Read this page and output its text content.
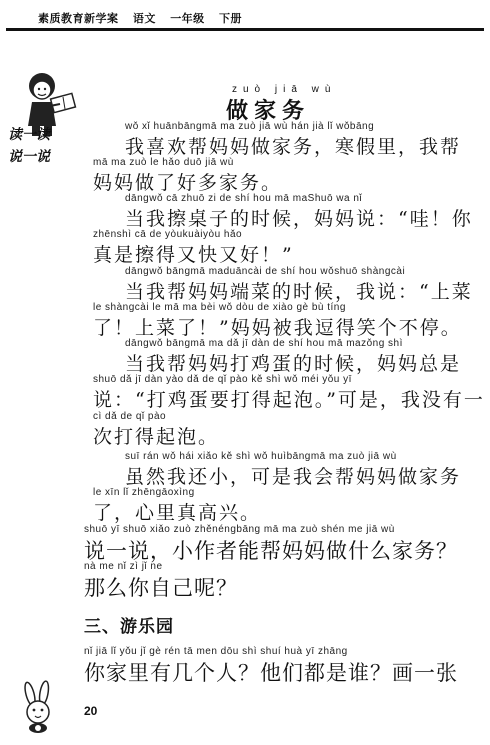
素质教育新学案 语文 一年级 下册
读一读
说一说
zuò jiā wù
做家务
wǒ xǐ huānbāngmā ma zuò jiā wù hán jià lǐ wǒbāng
我喜欢帮妈妈做家务，寒假里，我帮
mā ma zuò le hǎo duō jiā wù
妈妈做了好多家务。
dāngwǒ cā zhuō zi de shí hou mā maShuō wa nǐ
当我擦桌子的时候，妈妈说：“哇！你
zhēnshì cā de yòukuàiyòu hǎo
真是擦得又快又好！”
dāngwǒ bāngmā maduāncài de shí hou wǒshuō shàngcài
当我帮妈妈端菜的时候，我说：“上菜
le shàngcài le mā ma bèi wǒ dòu de xiào gè bù tíng
了！上菜了！”妈妈被我逗得笑个不停。
dāngwǒ bāngmā ma dǎ jī dàn de shí hou mā mazǒng shì
当我帮妈妈打鸡蛋的时候，妈妈总是
shuō dǎ jī dàn yào dǎ de qǐ pào kě shì wǒ méi yǒu yī
说：“打鸡蛋要打得起泡。”可是，我没有一
cì dǎ de qǐ pào
次打得起泡。
suī rán wǒ hái xiǎo kě shì wǒ huìbāngmā ma zuò jiā wù
虽然我还小，可是我会帮妈妈做家务
le xīn lǐ zhēngāoxìng
了，心里真高兴。
shuō yī shuō xiǎo zuò zhěnéngbāng mā ma zuò shén me jiā wù
说一说，小作者能帮妈妈做什么家务？
nà me nǐ zì jǐ ne
那么你自己呢？
三、游乐园
nǐ jiā lǐ yǒu jǐ gè rén tā men dōu shì shuí huà yī zhāng
你家里有几个人？他们都是谁？画一张
20
